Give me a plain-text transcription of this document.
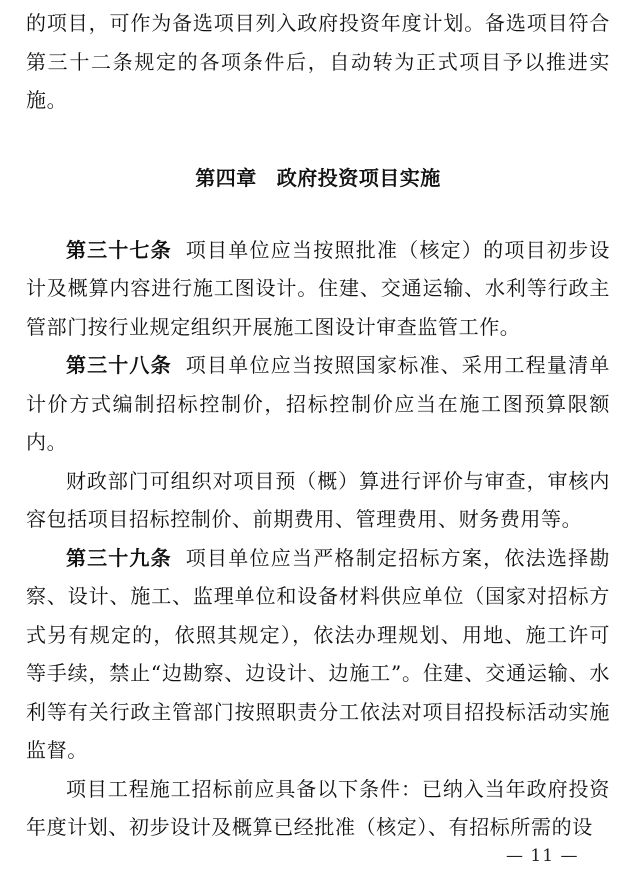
的项目，可作为备选项目列入政府投资年度计划。备选项目符合第三十二条规定的各项条件后，自动转为正式项目予以推进实施。

第四章 政府投资项目实施

第三十七条 项目单位应当按照批准（核定）的项目初步设计及概算内容进行施工图设计。住建、交通运输、水利等行政主管部门按行业规定组织开展施工图设计审查监管工作。

第三十八条 项目单位应当按照国家标准、采用工程量清单计价方式编制招标控制价，招标控制价应当在施工图预算限额内。

财政部门可组织对项目预（概）算进行评价与审查，审核内容包括项目招标控制价、前期费用、管理费用、财务费用等。

第三十九条 项目单位应当严格制定招标方案，依法选择勘察、设计、施工、监理单位和设备材料供应单位（国家对招标方式另有规定的，依照其规定），依法办理规划、用地、施工许可等手续，禁止“边勘察、边设计、边施工”。住建、交通运输、水利等有关行政主管部门按照职责分工依法对项目招投标活动实施监督。

项目工程施工招标前应具备以下条件：已纳入当年政府投资年度计划、初步设计及概算已经批准（核定）、有招标所需的设

— 11 —
